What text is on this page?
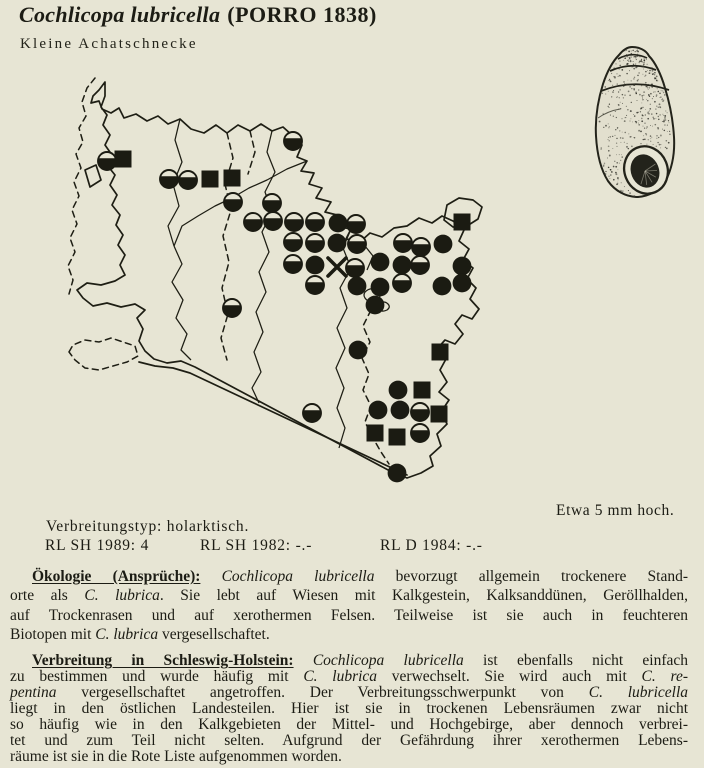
Cochlicopa lubricella (PORRO 1838)
Kleine Achatschnecke
Etwa 5 mm hoch.
Verbreitungstyp: holarktisch.
RL SH 1989: 4	RL SH 1982: -.-	RL D 1984: -.-
Ökologie (Ansprüche): Cochlicopa lubricella bevorzugt allgemein trockenere Stand-
orte als C. lubrica. Sie lebt auf Wiesen mit Kalkgestein, Kalksanddünen, Geröllhalden,
auf Trockenrasen und auf xerothermen Felsen. Teilweise ist sie auch in feuchteren
Biotopen mit C. lubrica vergesellschaftet.
Verbreitung in Schleswig-Holstein: Cochlicopa lubricella ist ebenfalls nicht einfach
zu bestimmen und wurde häufig mit C. lubrica verwechselt. Sie wird auch mit C. re-
pentina vergesellschaftet angetroffen. Der Verbreitungsschwerpunkt von C. lubricella
liegt in den östlichen Landesteilen. Hier ist sie in trockenen Lebensräumen zwar nicht
so häufig wie in den Kalkgebieten der Mittel- und Hochgebirge, aber dennoch verbrei-
tet und zum Teil nicht selten. Aufgrund der Gefährdung ihrer xerothermen Lebens-
räume ist sie in die Rote Liste aufgenommen worden.
